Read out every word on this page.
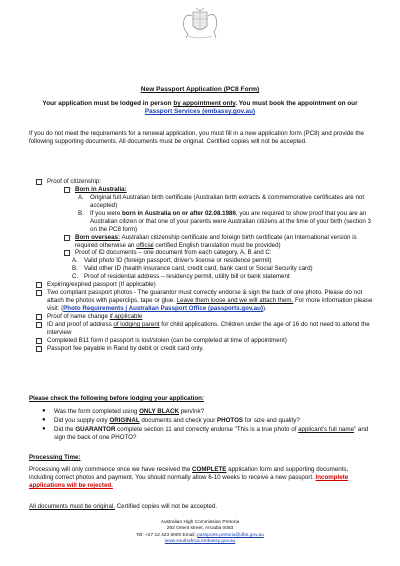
New Passport Application (PC8 Form)
Your application must be lodged in person by appointment only. You must book the appointment on our Passport Services (embassy.gov.au)
If you do not meet the requirements for a renewal application, you must fill in a new application form (PC8) and provide the following supporting documents. All documents must be original. Certified copies will not be accepted.
Proof of citizenship:
Born in Australia:
A. Original full Australian birth certificate (Australian birth extracts & commemorative certificates are not accepted)
B. If you were born in Australia on or after 02.08.1986, you are required to show proof that you are an Australian citizen or that one of your parents were Australian citizens at the time of your birth (section 3 on the PC8 form)
Born overseas: Australian citizenship certificate and foreign birth certificate (an International version is required otherwise an official certified English translation must be provided)
Proof of ID documents – one document from each category, A, B and C:
A. Valid photo ID (foreign passport, driver's license or residence permit)
B. Valid other ID (health insurance card, credit card, bank card or Social Security card)
C. Proof of residential address – residency permit, utility bill or bank statement
Expiring/expired passport (If applicable)
Two compliant passport photos - The guarantor must correctly endorse & sign the back of one photo. Please do not attach the photos with paperclips, tape or glue. Leave them loose and we will attach them. For more information please visit: (Photo Requirements | Australian Passport Office (passports.gov.au)).
Proof of name change if applicable
ID and proof of address of lodging parent for child applications. Children under the age of 16 do not need to attend the interview
Completed B11 form if passport is lost/stolen (can be completed at time of appointment)
Passport fee payable in Rand by debit or credit card only.
Please check the following before lodging your application:
●	Was the form completed using ONLY BLACK pen/ink?
●	Did you supply only ORIGINAL documents and check your PHOTOS for size and quality?
●	Did the GUARANTOR complete section 11 and correctly endorse "This is a true photo of applicant's full name" and sign the back of one PHOTO?
Processing Time:
Processing will only commence once we have received the COMPLETE application form and supporting documents, including correct photos and payment. You should normally allow 6-10 weeks to receive a new passport. Incomplete applications will be rejected.
All documents must be original. Certified copies will not be accepted.
Australian High Commission Pretoria
292 Orient street, Arcadia 0083
Tel: +27 12 423 6000 Email: passports.pretoria@dfat.gov.au
www.southafrica.embassy.gov.au
